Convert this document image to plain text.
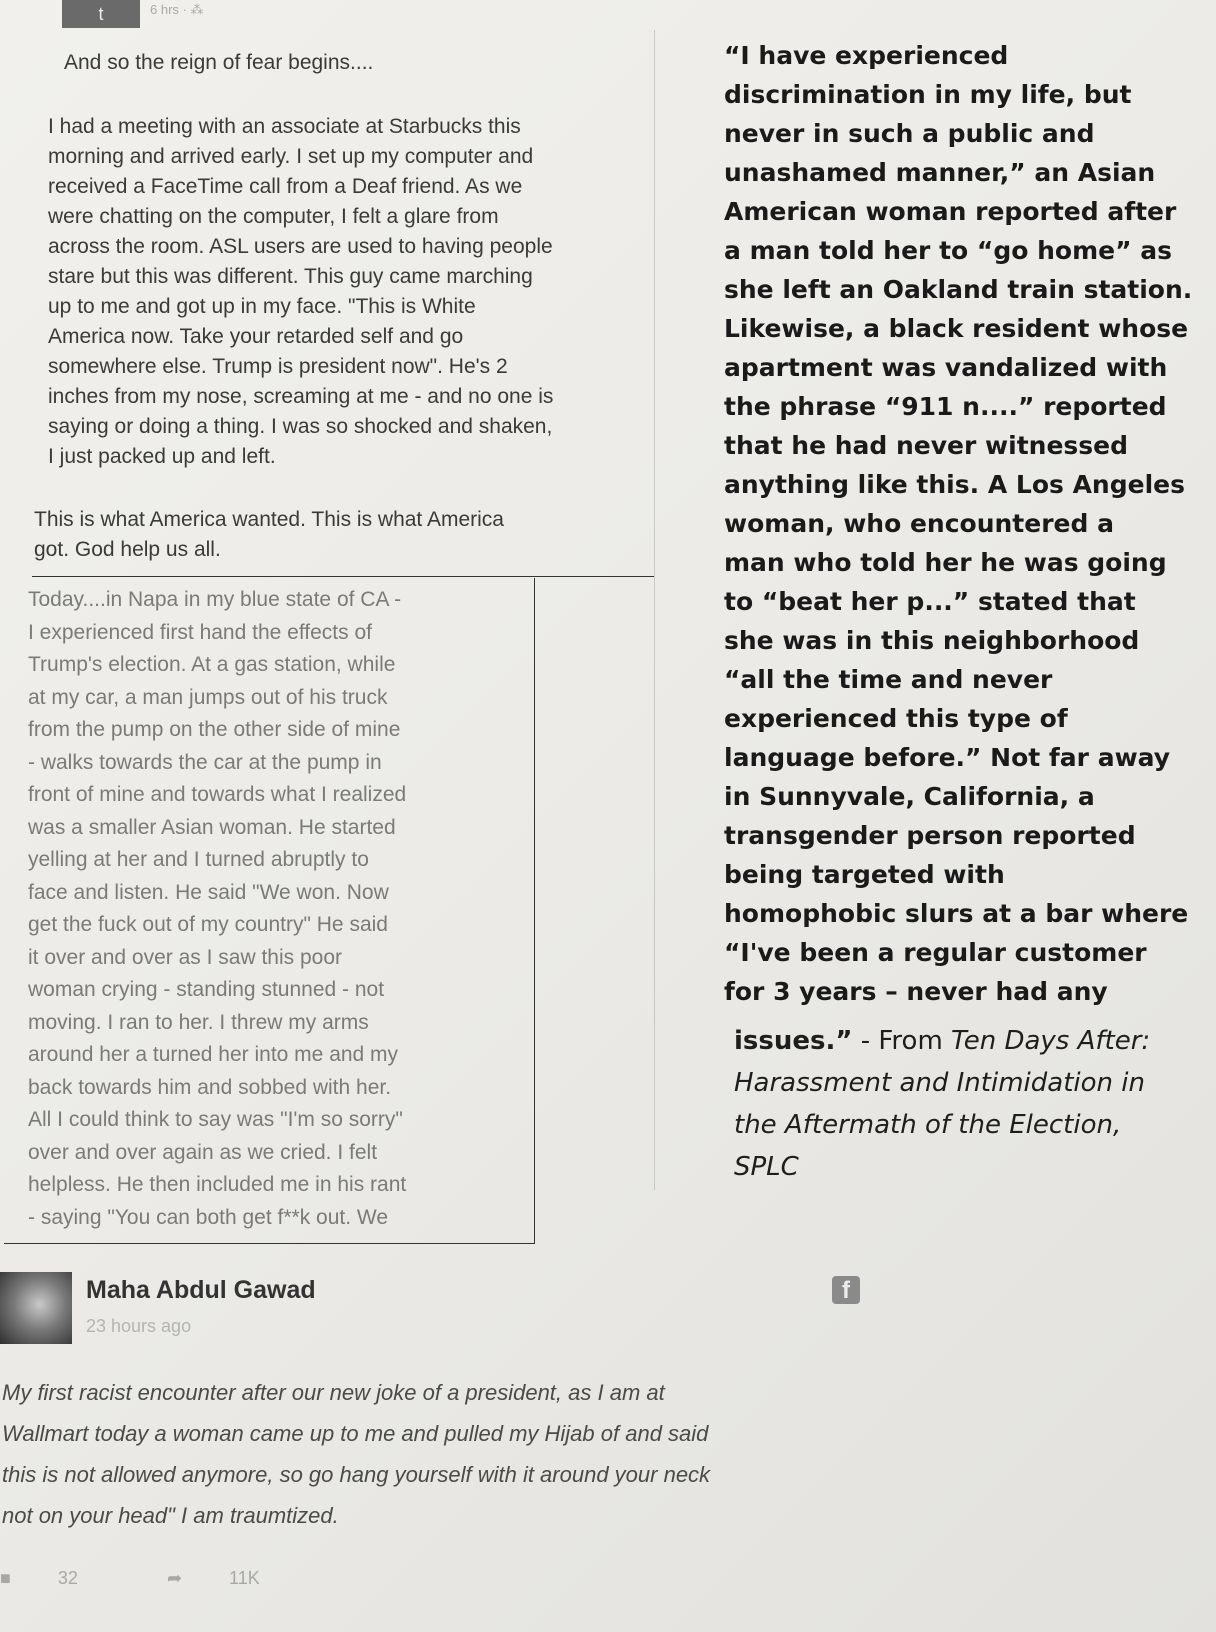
t	6 hrs · ⁂
And so the reign of fear begins....
I had a meeting with an associate at Starbucks this
morning and arrived early. I set up my computer and
received a FaceTime call from a Deaf friend. As we
were chatting on the computer, I felt a glare from
across the room. ASL users are used to having people
stare but this was different. This guy came marching
up to me and got up in my face. "This is White
America now. Take your retarded self and go
somewhere else. Trump is president now". He's 2
inches from my nose, screaming at me - and no one is
saying or doing a thing. I was so shocked and shaken,
I just packed up and left.
This is what America wanted. This is what America
got. God help us all.
Today....in Napa in my blue state of CA -
I experienced first hand the effects of
Trump's election. At a gas station, while
at my car, a man jumps out of his truck
from the pump on the other side of mine
- walks towards the car at the pump in
front of mine and towards what I realized
was a smaller Asian woman. He started
yelling at her and I turned abruptly to
face and listen. He said "We won. Now
get the fuck out of my country" He said
it over and over as I saw this poor
woman crying - standing stunned - not
moving. I ran to her. I threw my arms
around her a turned her into me and my
back towards him and sobbed with her.
All I could think to say was "I'm so sorry"
over and over again as we cried. I felt
helpless. He then included me in his rant
- saying "You can both get f**k out. We
“I have experienced
discrimination in my life, but
never in such a public and
unashamed manner,” an Asian
American woman reported after
a man told her to “go home” as
she left an Oakland train station.
Likewise, a black resident whose
apartment was vandalized with
the phrase “911 n....” reported
that he had never witnessed
anything like this. A Los Angeles
woman, who encountered a
man who told her he was going
to “beat her p...” stated that
she was in this neighborhood
“all the time and never
experienced this type of
language before.” Not far away
in Sunnyvale, California, a
transgender person reported
being targeted with
homophobic slurs at a bar where
“I've been a regular customer
for 3 years – never had any
issues.” - From Ten Days After:
Harassment and Intimidation in
the Aftermath of the Election,
SPLC
Maha Abdul Gawad
23 hours ago
f
My first racist encounter after our new joke of a president, as I am at
Wallmart today a woman came up to me and pulled my Hijab of and said
this is not allowed anymore, so go hang yourself with it around your neck
not on your head" I am traumtized.
■	32	➦	11K
